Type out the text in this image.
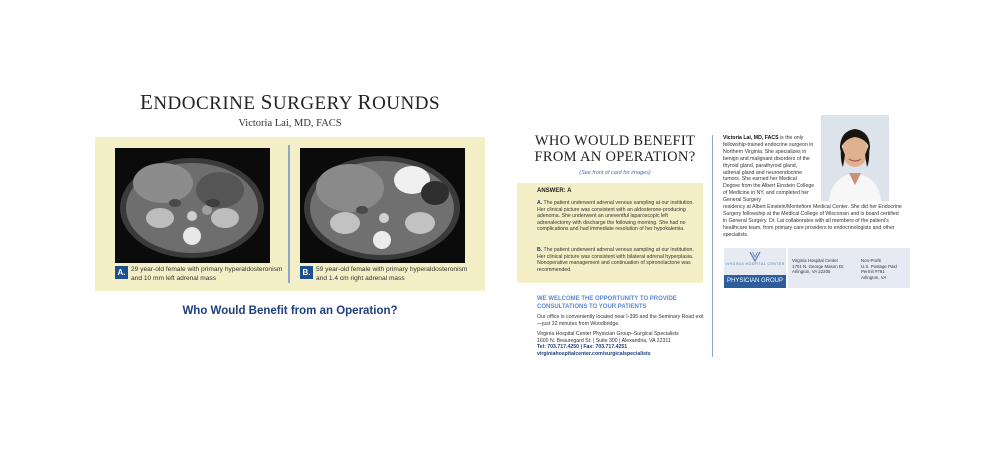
ENDOCRINE SURGERY ROUNDS
Victoria Lai, MD, FACS
A. 29 year-old female with primary hyperaldosteronism and 10 mm left adrenal mass
B. 59 year-old female with primary hyperaldosteronism and 1.4 cm right adrenal mass
Who Would Benefit from an Operation?
WHO WOULD BENEFIT FROM AN OPERATION?
(See front of card for images)
ANSWER: A
A. The patient underwent adrenal venous sampling at our institution. Her clinical picture was consistent with an aldosterone-producing adenoma. She underwent an uneventful laparoscopic left adrenalectomy with discharge the following morning. She had no complications and had immediate resolution of her hypokalemia.
B. The patient underwent adrenal venous sampling at our institution. Her clinical picture was consistent with bilateral adrenal hyperplasia. Nonoperative management and continuation of spironolactone was recommended.
WE WELCOME THE OPPORTUNITY TO PROVIDE CONSULTATIONS TO YOUR PATIENTS
Our office is conveniently located near I-395 and the Seminary Road exit—just 22 minutes from Woodbridge.
Virginia Hospital Center Physician Group–Surgical Specialists
1600 N. Beauregard St. | Suite 300 | Alexandria, VA 22311
Tel: 703.717.4250 | Fax: 703.717.4251
virginiahospitalcenter.com/surgicalspecialists
Victoria Lai, MD, FACS is the only fellowship-trained endocrine surgeon in Northern Virginia. She specializes in benign and malignant disorders of the thyroid gland, parathyroid gland, adrenal gland and neuroendocrine tumors. She earned her Medical Degree from the Albert Einstein College of Medicine in NY, and completed her General Surgery
residency at Albert Einstein/Montefiore Medical Center. She did her Endocrine Surgery fellowship at the Medical College of Wisconsin and is board certified in General Surgery. Dr. Lai collaborates with all members of the patient's healthcare team, from primary care providers to endocrinologists and other specialists.
VIRGINIA HOSPITAL CENTER
PHYSICIAN GROUP
Virginia Hospital Center
1701 N. George Mason Dr.
Arlington, VA 22205
Non-Profit
U.S. Postage Paid
Permit #791
Arlington, VA
